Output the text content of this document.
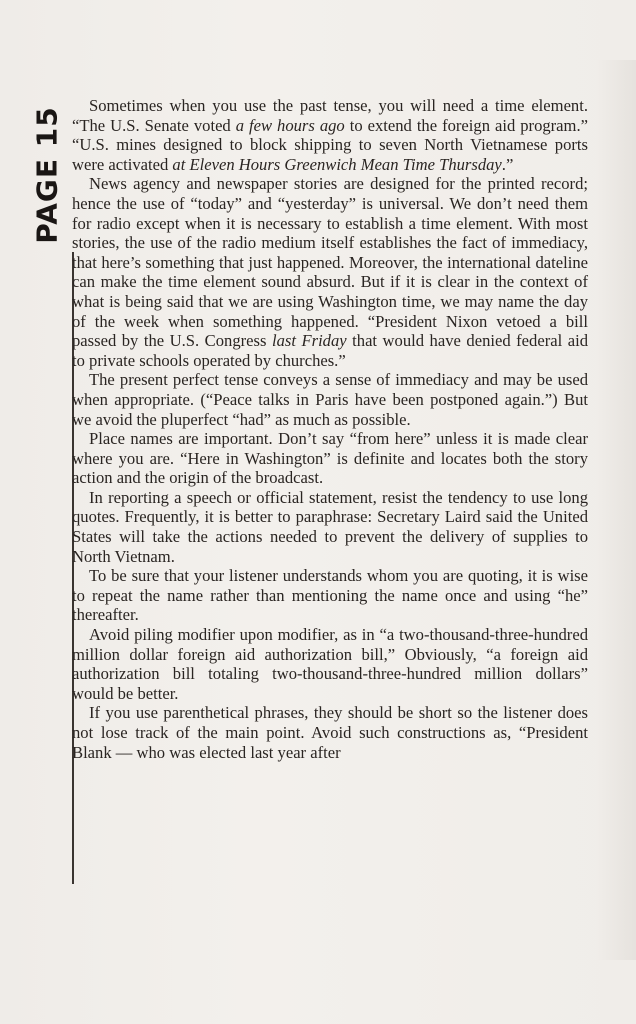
PAGE 15

Sometimes when you use the past tense, you will need a time element. “The U.S. Senate voted a few hours ago to extend the foreign aid program.” “U.S. mines designed to block shipping to seven North Vietnamese ports were activated at Eleven Hours Greenwich Mean Time Thursday.”

News agency and newspaper stories are designed for the printed record; hence the use of “today” and “yesterday” is universal. We don’t need them for radio except when it is necessary to establish a time element. With most stories, the use of the radio medium itself establishes the fact of immediacy, that here’s something that just happened. Moreover, the international dateline can make the time element sound absurd. But if it is clear in the context of what is being said that we are using Washington time, we may name the day of the week when something happened. “President Nixon vetoed a bill passed by the U.S. Congress last Friday that would have denied federal aid to private schools operated by churches.”

The present perfect tense conveys a sense of immediacy and may be used when appropriate. (“Peace talks in Paris have been postponed again.”) But we avoid the pluperfect “had” as much as possible.

Place names are important. Don’t say “from here” unless it is made clear where you are. “Here in Washington” is definite and locates both the story action and the origin of the broadcast.

In reporting a speech or official statement, resist the tendency to use long quotes. Frequently, it is better to paraphrase: Secretary Laird said the United States will take the actions needed to prevent the delivery of supplies to North Vietnam.

To be sure that your listener understands whom you are quoting, it is wise to repeat the name rather than mentioning the name once and using “he” thereafter.

Avoid piling modifier upon modifier, as in “a two-thousand-three-hundred million dollar foreign aid authorization bill,” Obviously, “a foreign aid authorization bill totaling two-thousand-three-hundred million dollars” would be better.

If you use parenthetical phrases, they should be short so the listener does not lose track of the main point. Avoid such constructions as, “President Blank — who was elected last year after
